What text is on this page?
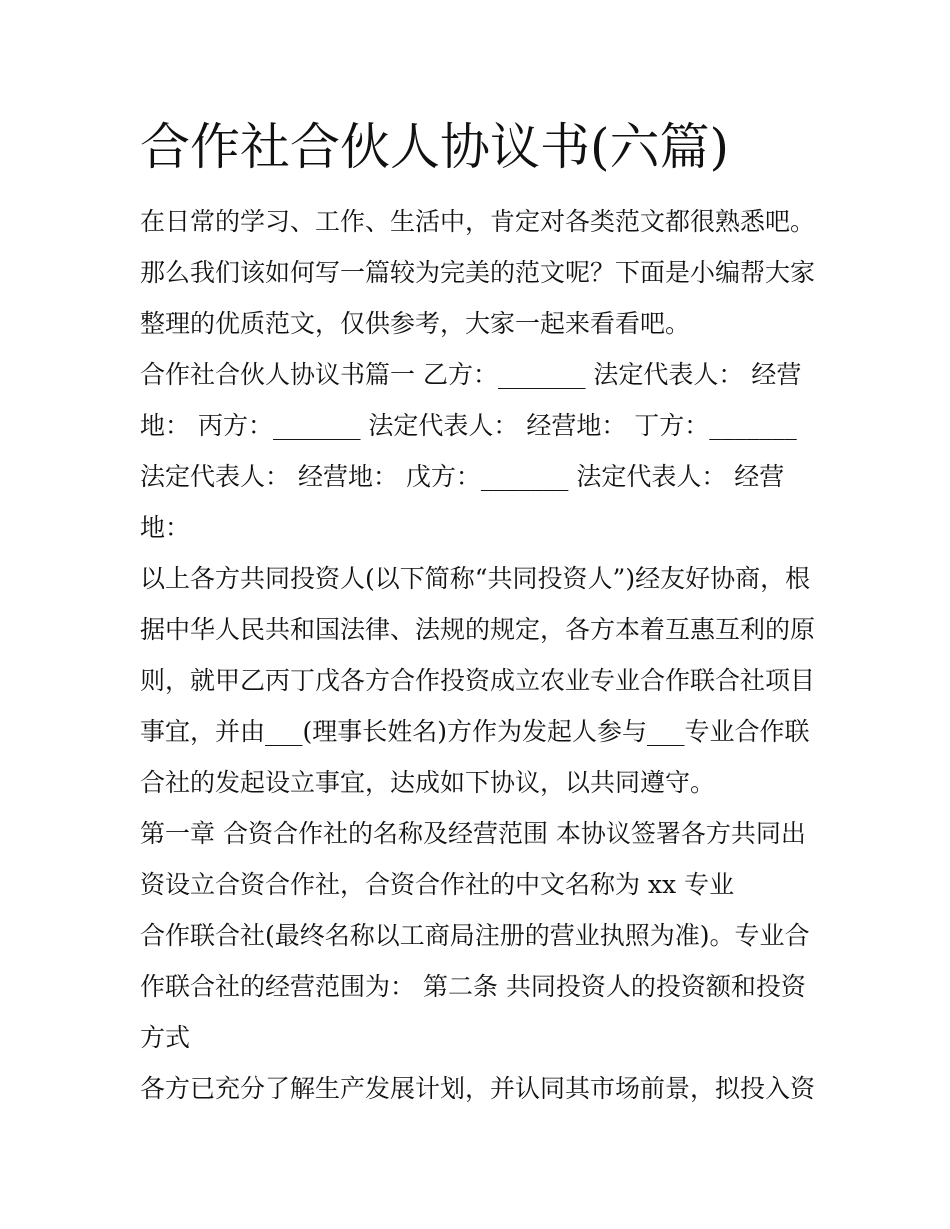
合作社合伙人协议书(六篇)
在日常的学习、工作、生活中，肯定对各类范文都很熟悉吧。
那么我们该如何写一篇较为完美的范文呢？下面是小编帮大家
整理的优质范文，仅供参考，大家一起来看看吧。
合作社合伙人协议书篇一 乙方：_______ 法定代表人： 经营
地： 丙方：_______ 法定代表人： 经营地： 丁方：_______
法定代表人： 经营地： 戊方：_______ 法定代表人： 经营
地：
以上各方共同投资人(以下简称“共同投资人”)经友好协商，根
据中华人民共和国法律、法规的规定，各方本着互惠互利的原
则，就甲乙丙丁戊各方合作投资成立农业专业合作联合社项目
事宜，并由___(理事长姓名)方作为发起人参与___专业合作联
合社的发起设立事宜，达成如下协议，以共同遵守。
第一章 合资合作社的名称及经营范围 本协议签署各方共同出
资设立合资合作社，合资合作社的中文名称为 xx 专业
合作联合社(最终名称以工商局注册的营业执照为准)。专业合
作联合社的经营范围为： 第二条 共同投资人的投资额和投资
方式
各方已充分了解生产发展计划，并认同其市场前景，拟投入资
